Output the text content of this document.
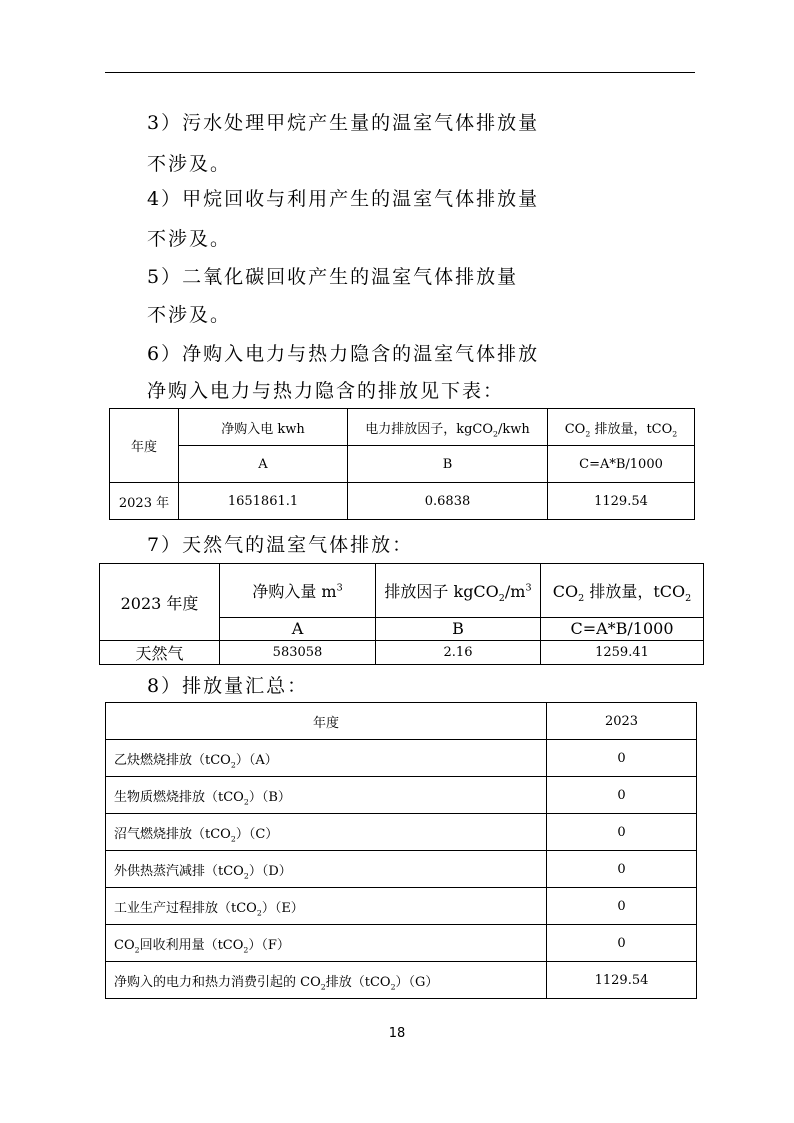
3）污水处理甲烷产生量的温室气体排放量
不涉及。
4）甲烷回收与利用产生的温室气体排放量
不涉及。
5）二氧化碳回收产生的温室气体排放量
不涉及。
6）净购入电力与热力隐含的温室气体排放
净购入电力与热力隐含的排放见下表：
年度	净购入电 kwh	电力排放因子，kgCO$_2$/kwh	$CO_2$ 排放量，tCO$_2$
	A	B	C=A*B/1000
2023 年	1651861.1	0.6838	1129.54
7）天然气的温室气体排放：
2023 年度	净购入量 $m^3$	排放因子 $kgCO_2/m^3$	$CO_2$ 排放量，tCO$_2$
	A	B	C=A*B/1000
天然气	583058	2.16	1259.41
8）排放量汇总：
年度	2023
乙炔燃烧排放（tCO$_2$）（A）	0
生物质燃烧排放（tCO$_2$）（B）	0
沼气燃烧排放（tCO$_2$）（C）	0
外供热蒸汽减排（tCO$_2$）（D）	0
工业生产过程排放（tCO$_2$）（E）	0
$CO_2$回收利用量（tCO$_2$）（F）	0
净购入的电力和热力消费引起的 $CO_2$排放（tCO$_2$）（G）	1129.54
18
